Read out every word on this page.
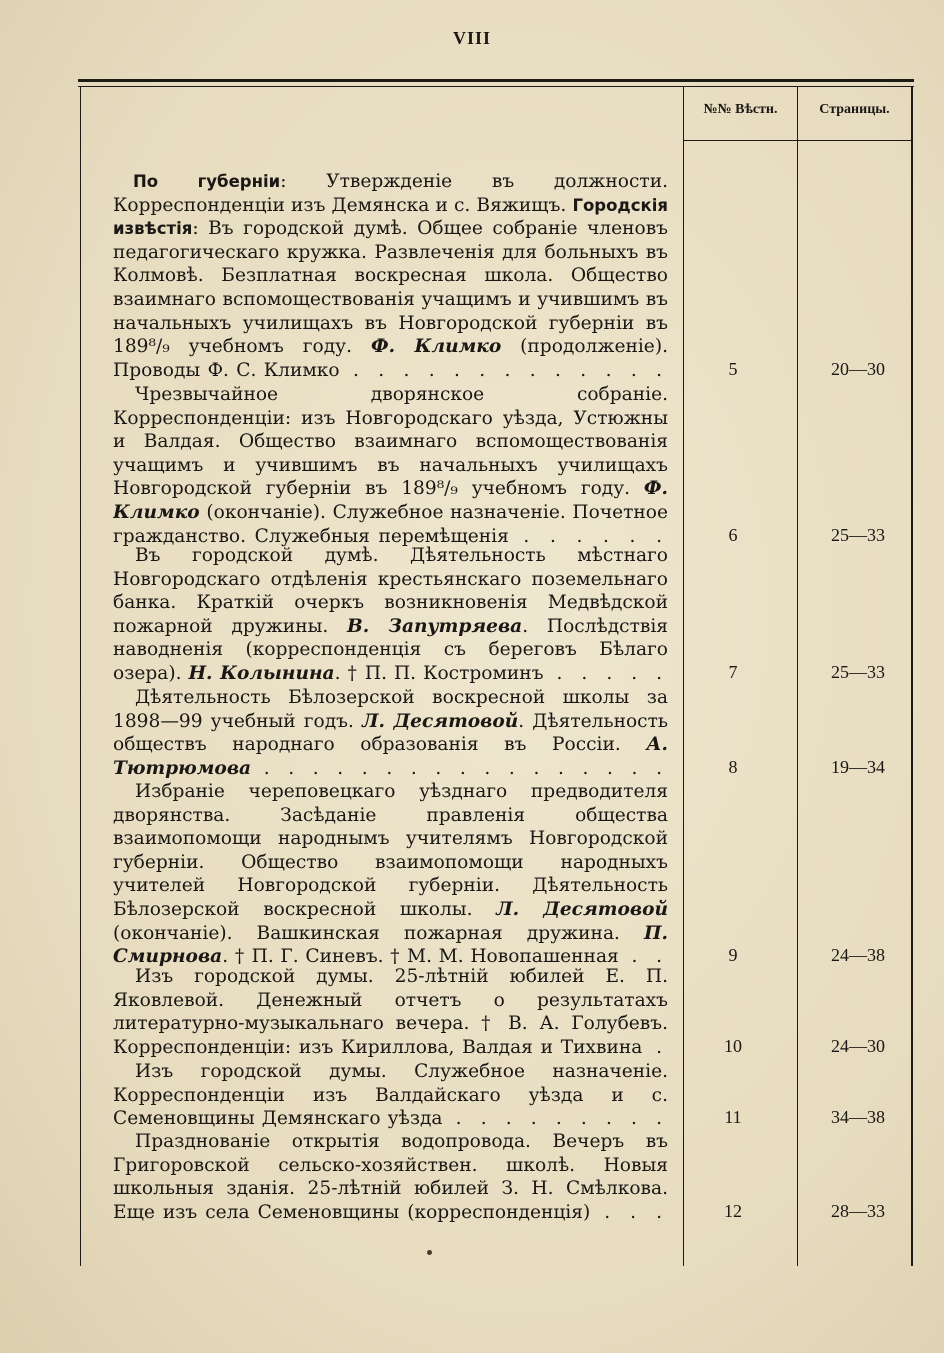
VIII
№№ Вѣстн.	Страницы.

По губерніи: Утвержденіе въ должности. Корреспонденціи изъ Демянска и с. Вяжищъ. Городскія извѣстія: Въ городской думѣ. Общее собраніе членовъ педагогическаго кружка. Развлеченія для больныхъ въ Колмовѣ. Безплатная воскресная школа. Общество взаимнаго вспомоществованія учащимъ и учившимъ въ начальныхъ училищахъ въ Новгородской губерніи въ 189⁸/₉ учебномъ году. Ф. Климко (продолженіе). Проводы Ф. С. Климко . . . . . . . . . . . . .	5	20—30

Чрезвычайное дворянское собраніе. Корреспонденціи: изъ Новгородскаго уѣзда, Устюжны и Валдая. Общество взаимнаго вспомоществованія учащимъ и учившимъ въ начальныхъ училищахъ Новгородской губерніи въ 189⁸/₉ учебномъ году. Ф. Климко (окончаніе). Служебное назначеніе. Почетное гражданство. Служебныя перемѣщенія . . . . . .	6	25—33

Въ городской думѣ. Дѣятельность мѣстнаго Новгородскаго отдѣленія крестьянскаго поземельнаго банка. Краткій очеркъ возникновенія Медвѣдской пожарной дружины. В. Запутряева. Послѣдствія наводненія (корреспонденція съ береговъ Бѣлаго озера). Н. Колынина. † П. П. Костроминъ . . . . .	7	25—33

Дѣятельность Бѣлозерской воскресной школы за 1898—99 учебный годъ. Л. Десятовой. Дѣятельность обществъ народнаго образованія въ Россіи. А. Тютрюмова . . . . . . . . . . . . . . . . .	8	19—34

Избраніе череповецкаго уѣзднаго предводителя дворянства. Засѣданіе правленія общества взаимопомощи народнымъ учителямъ Новгородской губерніи. Общество взаимопомощи народныхъ учителей Новгородской губерніи. Дѣятельность Бѣлозерской воскресной школы. Л. Десятовой (окончаніе). Вашкинская пожарная дружина. П. Смирнова. † П. Г. Синевъ. † М. М. Новопашенная . .	9	24—38

Изъ городской думы. 25-лѣтній юбилей Е. П. Яковлевой. Денежный отчетъ о результатахъ литературно-музыкальнаго вечера. † В. А. Голубевъ. Корреспонденціи: изъ Кириллова, Валдая и Тихвина .	10	24—30

Изъ городской думы. Служебное назначеніе. Корреспонденціи изъ Валдайскаго уѣзда и с. Семеновщины Демянскаго уѣзда . . . . . . . . .	11	34—38

Празднованіе открытія водопровода. Вечеръ въ Григоровской сельско-хозяйствен. школѣ. Новыя школьныя зданія. 25-лѣтній юбилей З. Н. Смѣлкова. Еще изъ села Семеновщины (корреспонденція) . . .	12	28—33
